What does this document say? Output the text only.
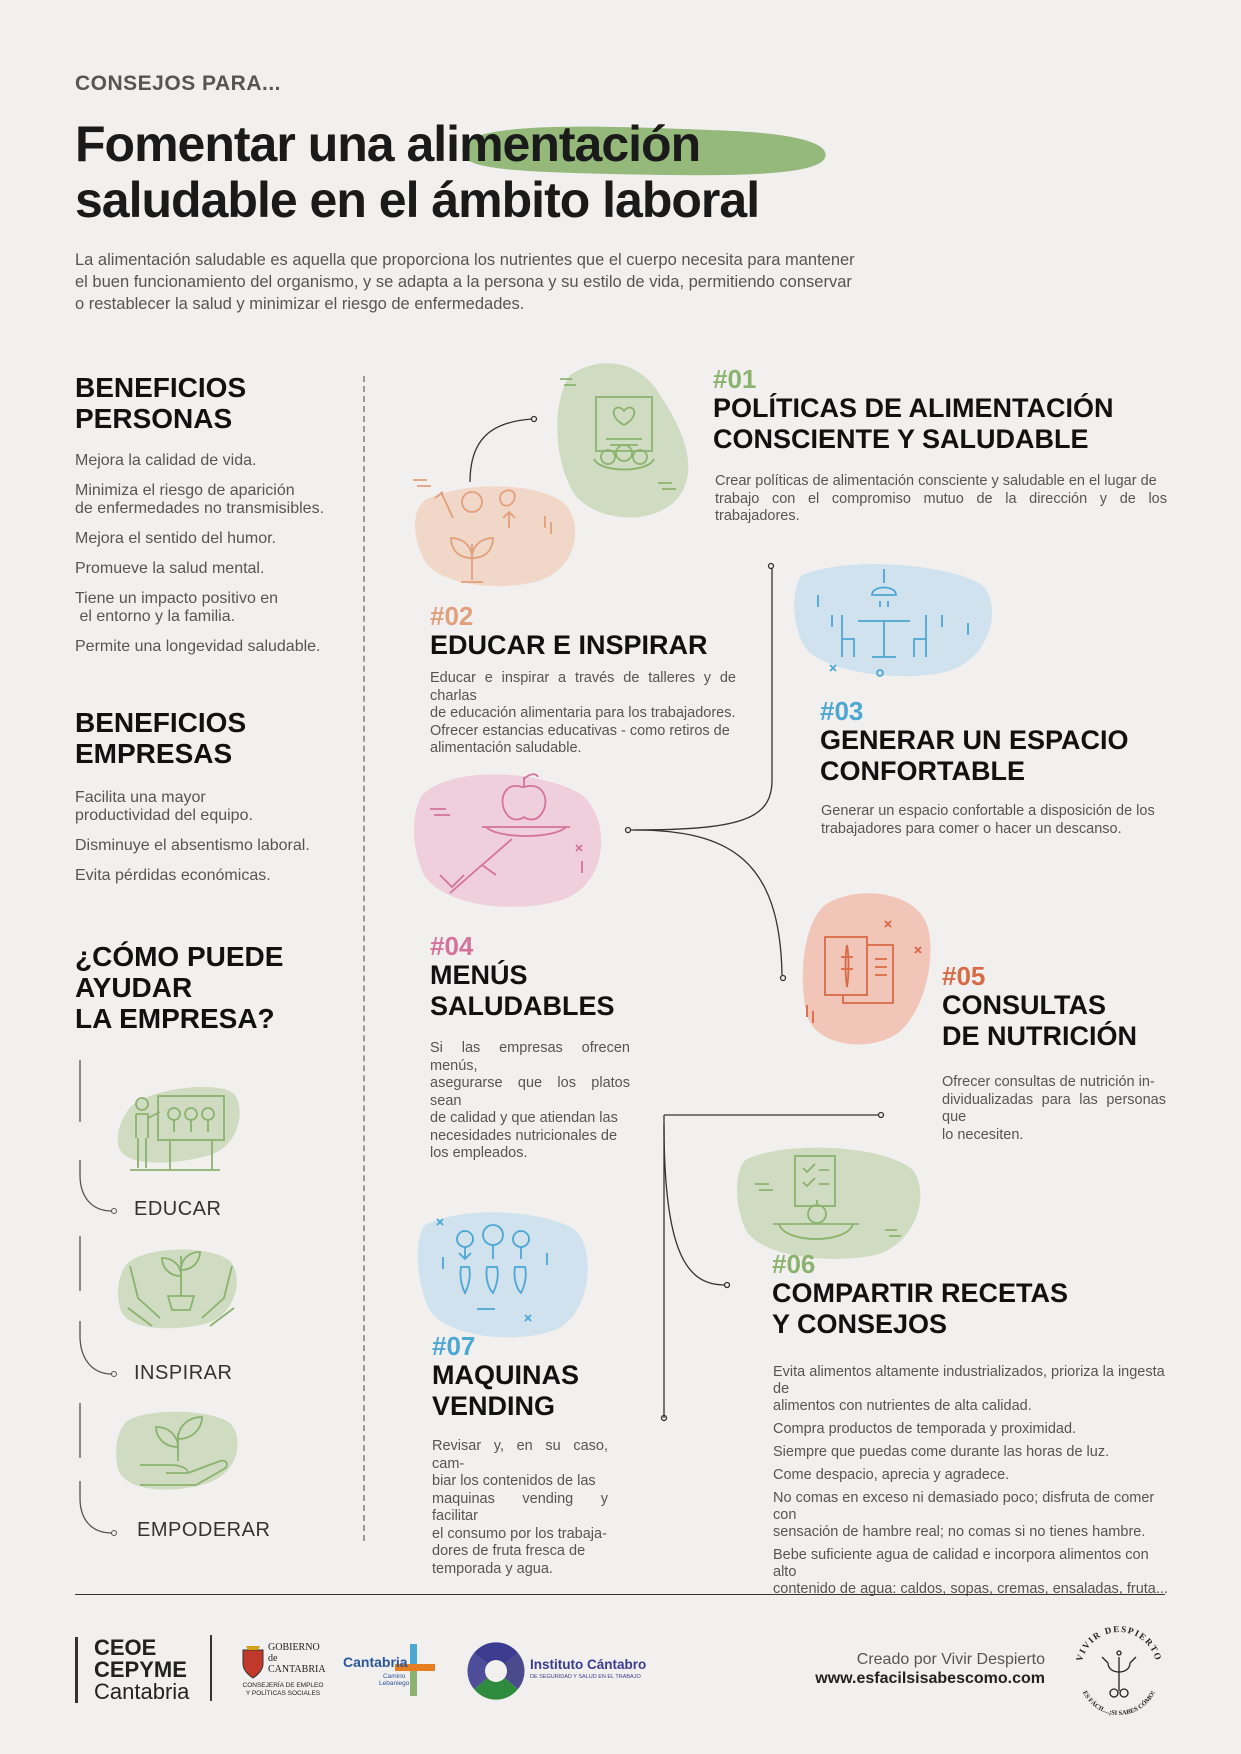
CONSEJOS PARA...
Fomentar una alimentación
saludable en el ámbito laboral

La alimentación saludable es aquella que proporciona los nutrientes que el cuerpo necesita para mantener
el buen funcionamiento del organismo, y se adapta a la persona y su estilo de vida, permitiendo conservar
o restablecer la salud y minimizar el riesgo de enfermedades.

BENEFICIOS
PERSONAS
Mejora la calidad de vida.
Minimiza el riesgo de aparición
de enfermedades no transmisibles.
Mejora el sentido del humor.
Promueve la salud mental.
Tiene un impacto positivo en
el entorno y la familia.
Permite una longevidad saludable.
BENEFICIOS
EMPRESAS
Facilita una mayor
productividad del equipo.
Disminuye el absentismo laboral.
Evita pérdidas económicas.
¿CÓMO PUEDE
AYUDAR
LA EMPRESA?
EDUCAR
INSPIRAR
EMPODERAR
#01
POLÍTICAS DE ALIMENTACIÓN
CONSCIENTE Y SALUDABLE

Crear políticas de alimentación consciente y saludable en el lugar de
trabajo con el compromiso mutuo de la dirección y de los trabajadores.

#02
EDUCAR E INSPIRAR

Educar e inspirar a través de talleres y de charlas
de educación alimentaria para los trabajadores.
Ofrecer estancias educativas - como retiros de
alimentación saludable.

#03
GENERAR UN ESPACIO
CONFORTABLE

Generar un espacio confortable a disposición de los
trabajadores para comer o hacer un descanso.

#04
MENÚS
SALUDABLES

Si las empresas ofrecen menús,
asegurarse que los platos sean
de calidad y que atiendan las
necesidades nutricionales de
los empleados.

#05
CONSULTAS
DE NUTRICIÓN

Ofrecer consultas de nutrición in-
dividualizadas para las personas que
lo necesiten.

#06
COMPARTIR RECETAS
Y CONSEJOS
Evita alimentos altamente industrializados, prioriza la ingesta de
alimentos con nutrientes de alta calidad.
Compra productos de temporada y proximidad.
Siempre que puedas come durante las horas de luz.
Come despacio, aprecia y agradece.
No comas en exceso ni demasiado poco; disfruta de comer con
sensación de hambre real; no comas si no tienes hambre.
Bebe suficiente agua de calidad e incorpora alimentos con alto
contenido de agua: caldos, sopas, cremas, ensaladas, fruta...
#07
MAQUINAS
VENDING

Revisar y, en su caso, cam-
biar los contenidos de las
maquinas vending y facilitar
el consumo por los trabaja-
dores de fruta fresca de
temporada y agua.

CEOE
CEPYME
Cantabria
GOBIERNO
de
CANTABRIA
CONSEJERÍA DE EMPLEO
Y POLÍTICAS SOCIALES
Cantabria
Camino
Lebaniego
Instituto Cántabro
DE SEGURIDAD Y SALUD EN EL TRABAJO
Creado por Vivir Despierto
www.esfacilsisabescomo.com
VIVIR DESPIERTO
ES FÁCIL...¡SI SABES CÓMO!
